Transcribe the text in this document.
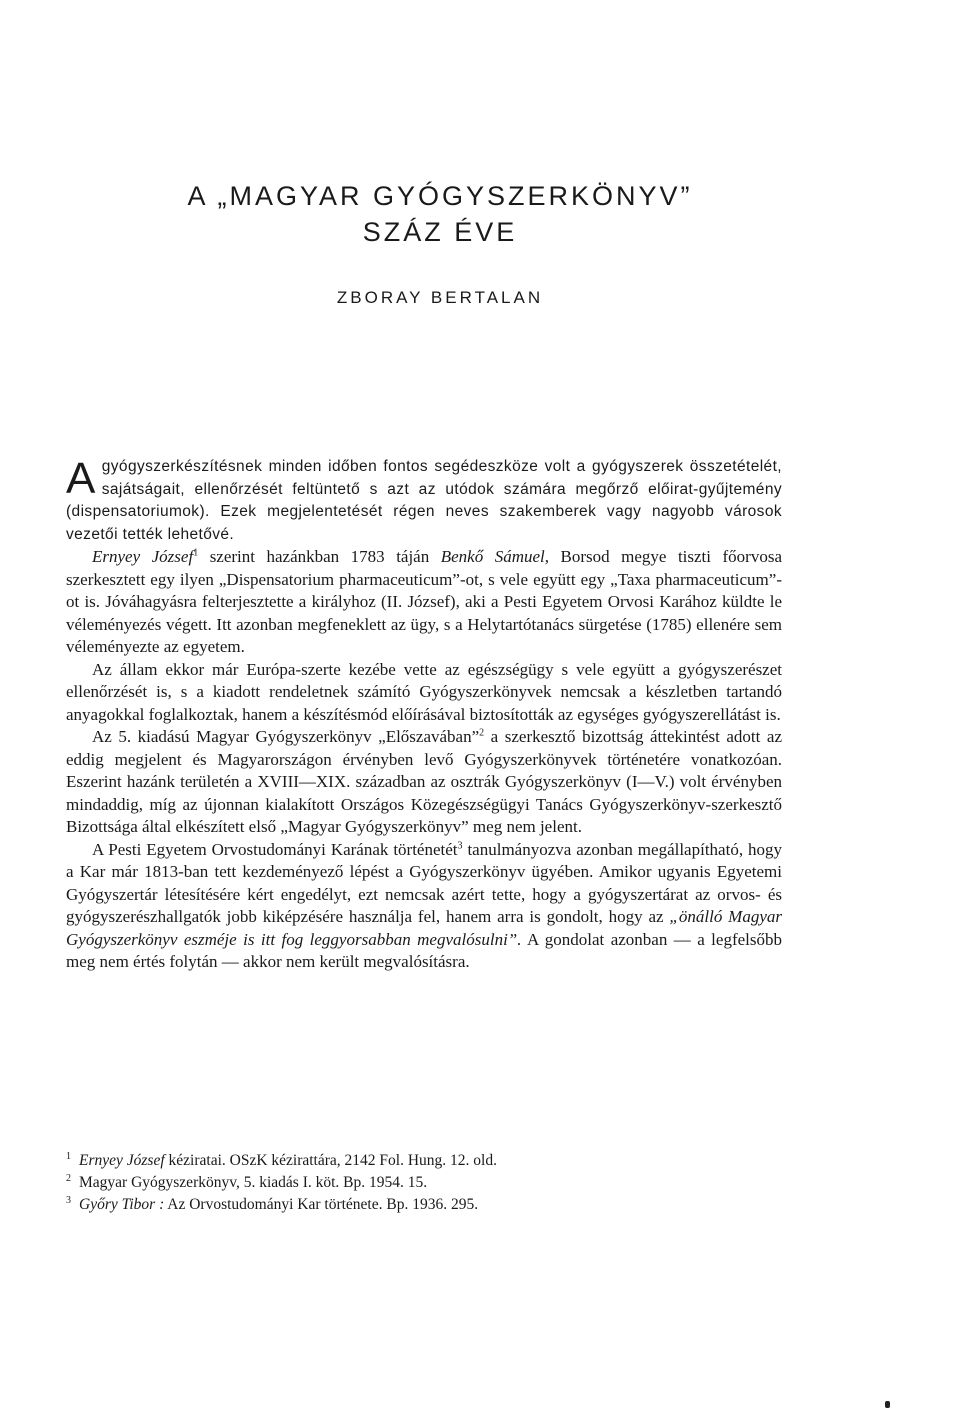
A „MAGYAR GYÓGYSZERKÖNYV”
SZÁZ ÉVE
ZBORAY BERTALAN

A gyógyszerkészítésnek minden időben fontos segédeszköze volt a gyógyszerek összetételét, sajátságait, ellenőrzését feltüntető s azt az utódok számára megőrző előirat-gyűjtemény (dispensatoriumok). Ezek megjelentetését régen neves szakemberek vagy nagyobb városok vezetői tették lehetővé.

Ernyey József$^1$ szerint hazánkban 1783 táján Benkő Sámuel, Borsod megye tiszti főorvosa szerkesztett egy ilyen „Dispensatorium pharmaceuticum”-ot, s vele együtt egy „Taxa pharmaceuticum”-ot is. Jóváhagyásra felterjesztette a királyhoz (II. József), aki a Pesti Egyetem Orvosi Karához küldte le véleményezés végett. Itt azonban megfeneklett az ügy, s a Helytartótanács sürgetése (1785) ellenére sem véleményezte az egyetem.

Az állam ekkor már Európa-szerte kezébe vette az egészségügy s vele együtt a gyógyszerészet ellenőrzését is, s a kiadott rendeletnek számító Gyógyszerkönyvek nemcsak a készletben tartandó anyagokkal foglalkoztak, hanem a készítésmód előírásával biztosították az egységes gyógyszerellátást is.

Az 5. kiadású Magyar Gyógyszerkönyv „Előszavában”$^2$ a szerkesztő bizottság áttekintést adott az eddig megjelent és Magyarországon érvényben levő Gyógyszerkönyvek történetére vonatkozóan. Eszerint hazánk területén a XVIII—XIX. században az osztrák Gyógyszerkönyv (I—V.) volt érvényben mindaddig, míg az újonnan kialakított Országos Közegészségügyi Tanács Gyógyszerkönyv-szerkesztő Bizottsága által elkészített első „Magyar Gyógyszerkönyv” meg nem jelent.

A Pesti Egyetem Orvostudományi Karának történetét$^3$ tanulmányozva azonban megállapítható, hogy a Kar már 1813-ban tett kezdeményező lépést a Gyógyszerkönyv ügyében. Amikor ugyanis Egyetemi Gyógyszertár létesítésére kért engedélyt, ezt nemcsak azért tette, hogy a gyógyszertárat az orvos- és gyógyszerészhallgatók jobb kiképzésére használja fel, hanem arra is gondolt, hogy az „önálló Magyar Gyógyszerkönyv eszméje is itt fog leggyorsabban megvalósulni”. A gondolat azonban — a legfelsőbb meg nem értés folytán — akkor nem került megvalósításra.

$^1$ Ernyey József kéziratai. OSzK kézirattára, 2142 Fol. Hung. 12. old.

$^2$ Magyar Gyógyszerkönyv, 5. kiadás I. köt. Bp. 1954. 15.

$^3$ Győry Tibor : Az Orvostudományi Kar története. Bp. 1936. 295.
